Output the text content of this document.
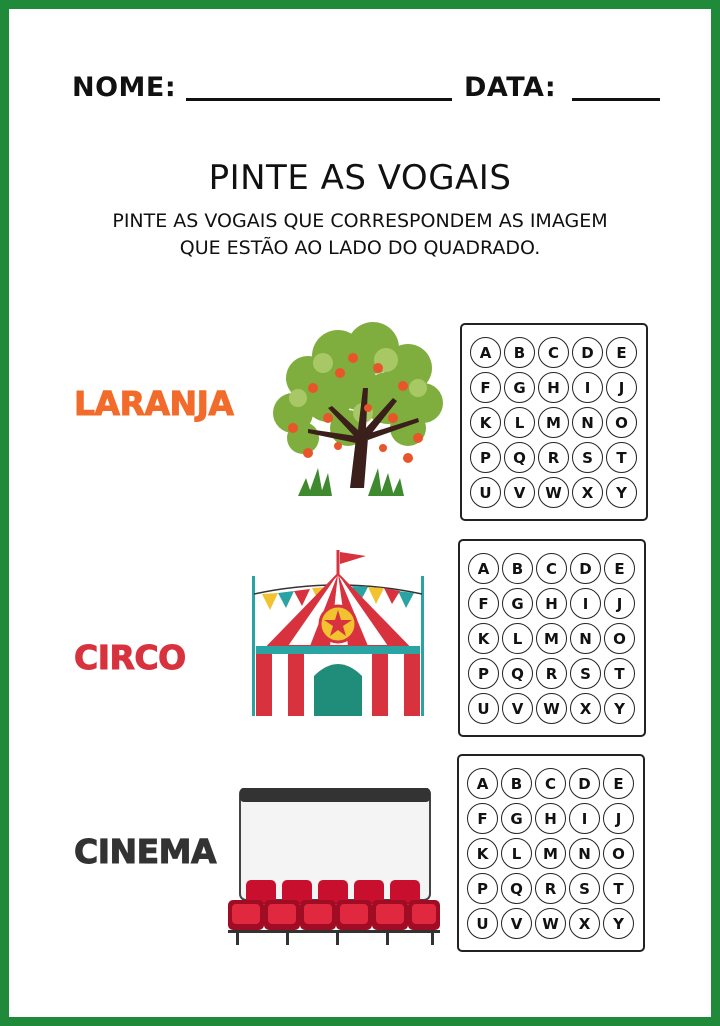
NOME:	DATA:
PINTE AS VOGAIS
PINTE AS VOGAIS QUE CORRESPONDEM AS IMAGEM
QUE ESTÃO AO LADO DO QUADRADO.
LARANJA
A	B	C	D	E
F	G	H	I	J
K	L	M	N	O
P	Q	R	S	T
U	V	W	X	Y
CIRCO
A	B	C	D	E
F	G	H	I	J
K	L	M	N	O
P	Q	R	S	T
U	V	W	X	Y
CINEMA
A	B	C	D	E
F	G	H	I	J
K	L	M	N	O
P	Q	R	S	T
U	V	W	X	Y
